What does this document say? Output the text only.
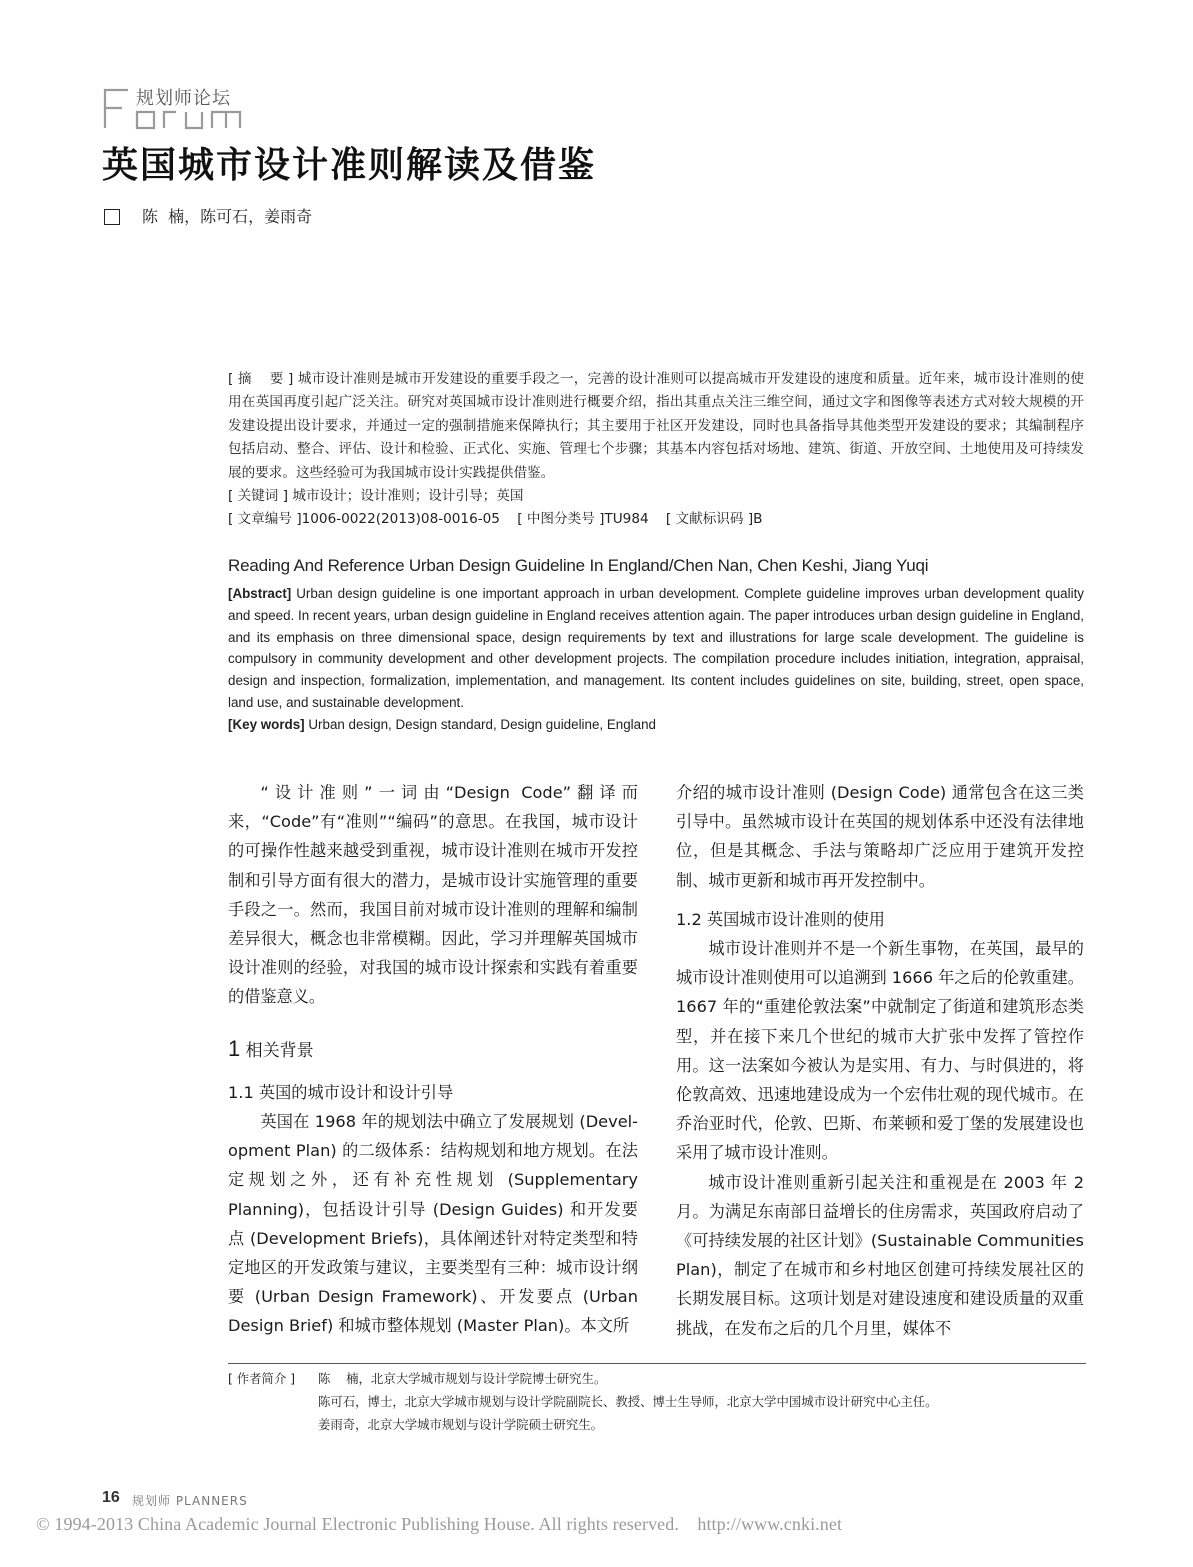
规划师论坛
英国城市设计准则解读及借鉴
陈  楠，陈可石，姜雨奇

[ 摘    要 ] 城市设计准则是城市开发建设的重要手段之一，完善的设计准则可以提高城市开发建设的速度和质量。近年来，城市设计准则的使用在英国再度引起广泛关注。研究对英国城市设计准则进行概要介绍，指出其重点关注三维空间，通过文字和图像等表述方式对较大规模的开发建设提出设计要求，并通过一定的强制措施来保障执行；其主要用于社区开发建设，同时也具备指导其他类型开发建设的要求；其编制程序包括启动、整合、评估、设计和检验、正式化、实施、管理七个步骤；其基本内容包括对场地、建筑、街道、开放空间、土地使用及可持续发展的要求。这些经验可为我国城市设计实践提供借鉴。

[ 关键词 ] 城市设计；设计准则；设计引导；英国

[ 文章编号 ]1006-0022(2013)08-0016-05    [ 中图分类号 ]TU984    [ 文献标识码 ]B

Reading And Reference Urban Design Guideline In England/Chen Nan, Chen Keshi, Jiang Yuqi

[Abstract] Urban design guideline is one important approach in urban development. Complete guideline improves urban development quality and speed. In recent years, urban design guideline in England receives attention again. The paper introduces urban design guideline in England, and its emphasis on three dimensional space, design requirements by text and illustrations for large scale development. The guideline is compulsory in community development and other development projects. The compilation procedure includes initiation, integration, appraisal, design and inspection, formalization, implementation, and management. Its content includes guidelines on site, building, street, open space, land use, and sustainable development.

[Key words] Urban design, Design standard, Design guideline, England

“设计准则”一词由“Design Code”翻译而来，“Code”有“准则”“编码”的意思。在我国，城市设计的可操作性越来越受到重视，城市设计准则在城市开发控制和引导方面有很大的潜力，是城市设计实施管理的重要手段之一。然而，我国目前对城市设计准则的理解和编制差异很大，概念也非常模糊。因此，学习并理解英国城市设计准则的经验，对我国的城市设计探索和实践有着重要的借鉴意义。

1 相关背景

1.1 英国的城市设计和设计引导

英国在 1968 年的规划法中确立了发展规划 (Devel-opment Plan) 的二级体系：结构规划和地方规划。在法定规划之外，还有补充性规划 (Supplementary Planning)，包括设计引导 (Design Guides) 和开发要点 (Development Briefs)，具体阐述针对特定类型和特定地区的开发政策与建议，主要类型有三种：城市设计纲要 (Urban Design Framework)、开发要点 (Urban Design Brief) 和城市整体规划 (Master Plan)。本文所

介绍的城市设计准则 (Design Code) 通常包含在这三类引导中。虽然城市设计在英国的规划体系中还没有法律地位，但是其概念、手法与策略却广泛应用于建筑开发控制、城市更新和城市再开发控制中。

1.2 英国城市设计准则的使用

城市设计准则并不是一个新生事物，在英国，最早的城市设计准则使用可以追溯到 1666 年之后的伦敦重建。1667 年的“重建伦敦法案”中就制定了街道和建筑形态类型，并在接下来几个世纪的城市大扩张中发挥了管控作用。这一法案如今被认为是实用、有力、与时俱进的，将伦敦高效、迅速地建设成为一个宏伟壮观的现代城市。在乔治亚时代，伦敦、巴斯、布莱顿和爱丁堡的发展建设也采用了城市设计准则。

城市设计准则重新引起关注和重视是在 2003 年 2 月。为满足东南部日益增长的住房需求，英国政府启动了《可持续发展的社区计划》(Sustainable Communities Plan)，制定了在城市和乡村地区创建可持续发展社区的长期发展目标。这项计划是对建设速度和建设质量的双重挑战，在发布之后的几个月里，媒体不

[ 作者简介 ]	陈    楠，北京大学城市规划与设计学院博士研究生。
陈可石，博士，北京大学城市规划与设计学院副院长、教授、博士生导师，北京大学中国城市设计研究中心主任。
姜雨奇，北京大学城市规划与设计学院硕士研究生。
16 规划师 PLANNERS
© 1994-2013 China Academic Journal Electronic Publishing House. All rights reserved.    http://www.cnki.net
